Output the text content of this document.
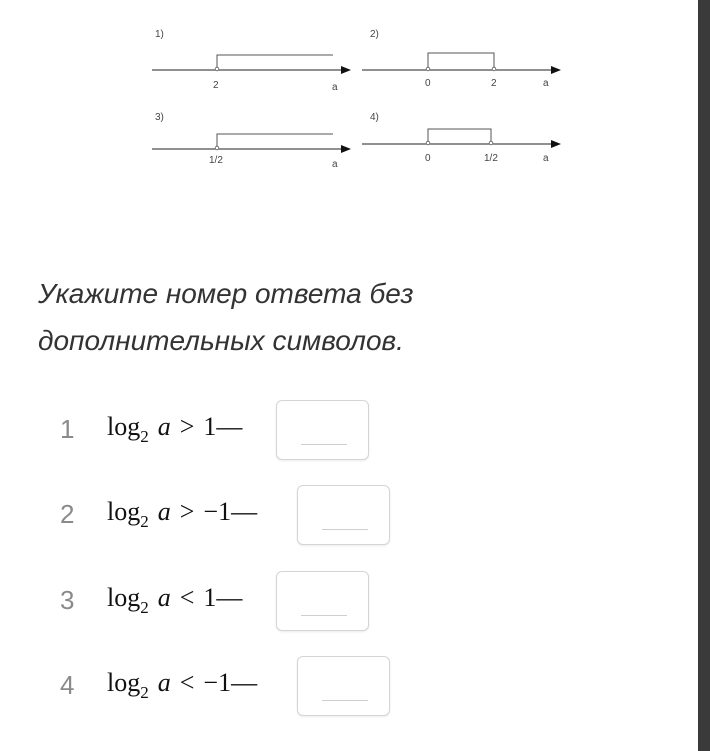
1)
2	a
2)
0	2	a
3)
1/2	a
4)
0	1/2	a
Укажите номер ответа без дополнительных символов.
1 $\log_2 a$ > 1—
2 $\log_2 a$ > −1—
3 $\log_2 a$ < 1—
4 $\log_2 a$ < −1—
